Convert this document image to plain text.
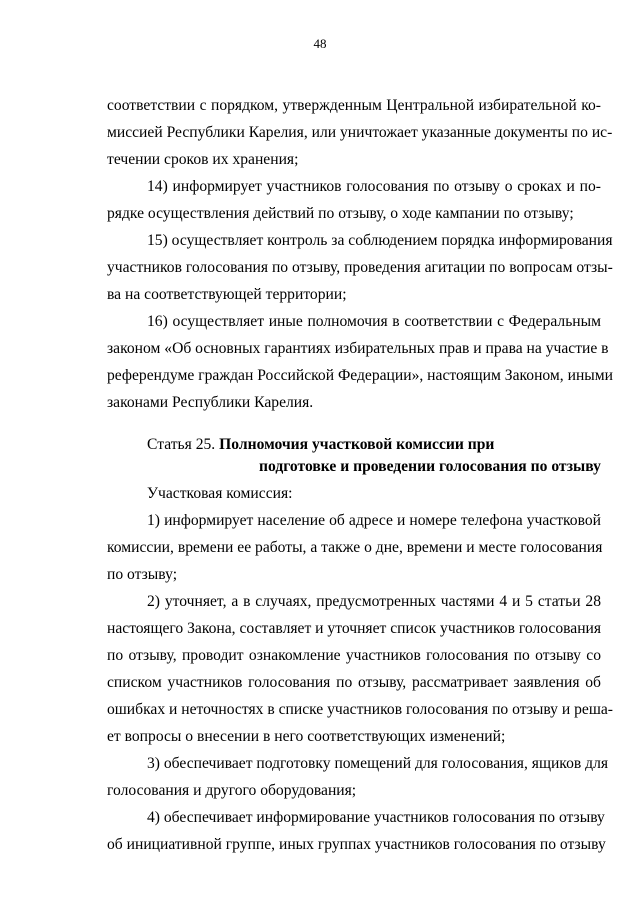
48
соответствии с порядком, утвержденным Центральной избирательной ко-
миссией Республики Карелия, или уничтожает указанные документы по ис-
течении сроков их хранения;
14) информирует участников голосования по отзыву о сроках и по-
рядке осуществления действий по отзыву, о ходе кампании по отзыву;
15) осуществляет контроль за соблюдением порядка информирования
участников голосования по отзыву, проведения агитации по вопросам отзы-
ва на соответствующей территории;
16) осуществляет иные полномочия в соответствии с Федеральным
законом «Об основных гарантиях избирательных прав и права на участие в
референдуме граждан Российской Федерации», настоящим Законом, иными
законами Республики Карелия.
Статья 25. Полномочия участковой комиссии при
подготовке и проведении голосования по отзыву
Участковая комиссия:
1) информирует население об адресе и номере телефона участковой
комиссии, времени ее работы, а также о дне, времени и месте голосования
по отзыву;
2) уточняет, а в случаях, предусмотренных частями 4 и 5 статьи 28
настоящего Закона, составляет и уточняет список участников голосования
по отзыву, проводит ознакомление участников голосования по отзыву со
списком участников голосования по отзыву, рассматривает заявления об
ошибках и неточностях в списке участников голосования по отзыву и реша-
ет вопросы о внесении в него соответствующих изменений;
3) обеспечивает подготовку помещений для голосования, ящиков для
голосования и другого оборудования;
4) обеспечивает информирование участников голосования по отзыву
об инициативной группе, иных группах участников голосования по отзыву
